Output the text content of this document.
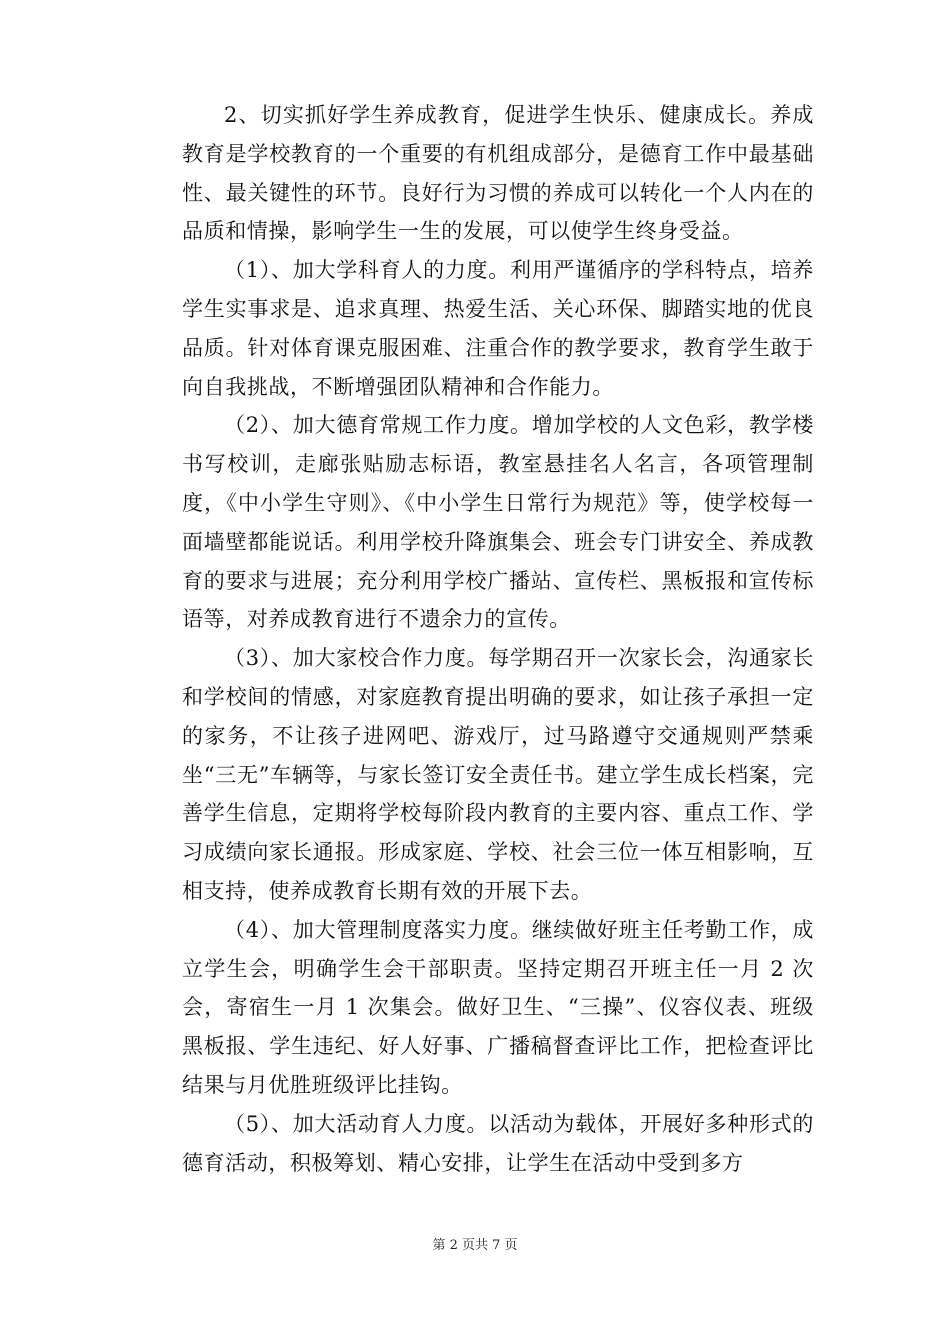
2、切实抓好学生养成教育，促进学生快乐、健康成长。养成教育是学校教育的一个重要的有机组成部分，是德育工作中最基础性、最关键性的环节。良好行为习惯的养成可以转化一个人内在的品质和情操，影响学生一生的发展，可以使学生终身受益。

（1）、加大学科育人的力度。利用严谨循序的学科特点，培养学生实事求是、追求真理、热爱生活、关心环保、脚踏实地的优良品质。针对体育课克服困难、注重合作的教学要求，教育学生敢于向自我挑战，不断增强团队精神和合作能力。

（2）、加大德育常规工作力度。增加学校的人文色彩，教学楼书写校训，走廊张贴励志标语，教室悬挂名人名言，各项管理制度，《中小学生守则》、《中小学生日常行为规范》等，使学校每一面墙壁都能说话。利用学校升降旗集会、班会专门讲安全、养成教育的要求与进展；充分利用学校广播站、宣传栏、黑板报和宣传标语等，对养成教育进行不遗余力的宣传。

（3）、加大家校合作力度。每学期召开一次家长会，沟通家长和学校间的情感，对家庭教育提出明确的要求，如让孩子承担一定的家务，不让孩子进网吧、游戏厅，过马路遵守交通规则严禁乘坐“三无”车辆等，与家长签订安全责任书。建立学生成长档案，完善学生信息，定期将学校每阶段内教育的主要内容、重点工作、学习成绩向家长通报。形成家庭、学校、社会三位一体互相影响，互相支持，使养成教育长期有效的开展下去。

（4）、加大管理制度落实力度。继续做好班主任考勤工作，成立学生会，明确学生会干部职责。坚持定期召开班主任一月 2 次会，寄宿生一月 1 次集会。做好卫生、“三操”、仪容仪表、班级黑板报、学生违纪、好人好事、广播稿督查评比工作，把检查评比结果与月优胜班级评比挂钩。

（5）、加大活动育人力度。以活动为载体，开展好多种形式的德育活动，积极筹划、精心安排，让学生在活动中受到多方

第 2 页共 7 页
